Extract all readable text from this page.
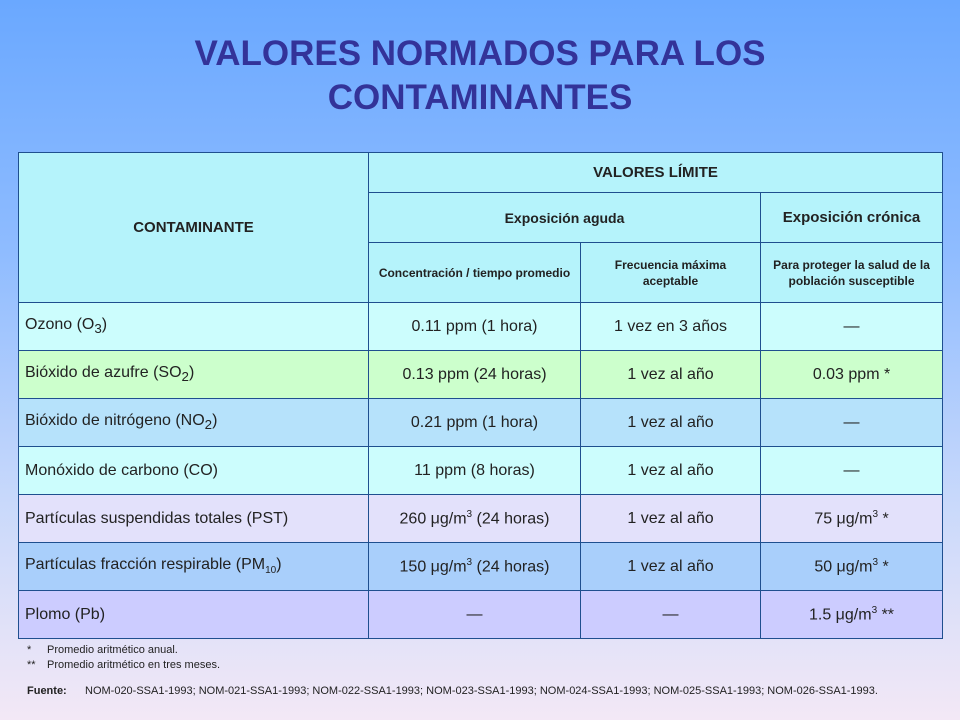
VALORES NORMADOS PARA LOS
CONTAMINANTES
CONTAMINANTE	VALORES LÍMITE		
	Exposición aguda		Exposición crónica
	Concentración / tiempo promedio	Frecuencia máxima aceptable	Para proteger la salud de la población susceptible
Ozono $(O_3)$	0.11 ppm (1 hora)	1 vez en 3 años	—
Bióxido de azufre $(SO_2)$	0.13 ppm (24 horas)	1 vez al año	0.03 ppm *
Bióxido de nitrógeno $(NO_2)$	0.21 ppm (1 hora)	1 vez al año	—
Monóxido de carbono (CO)	11 ppm (8 horas)	1 vez al año	—
Partículas suspendidas totales (PST)	260 $\mu g/m^3$ (24 horas)	1 vez al año	75 $\mu g/m^3$ *
Partículas fracción respirable $(PM_{10})$	150 $\mu g/m^3$ (24 horas)	1 vez al año	50 $\mu g/m^3$ *
Plomo (Pb)	—	—	1.5 $\mu g/m^3$ **
* Promedio aritmético anual.
** Promedio aritmético en tres meses.
Fuente: NOM-020-SSA1-1993; NOM-021-SSA1-1993; NOM-022-SSA1-1993; NOM-023-SSA1-1993; NOM-024-SSA1-1993; NOM-025-SSA1-1993; NOM-026-SSA1-1993.
